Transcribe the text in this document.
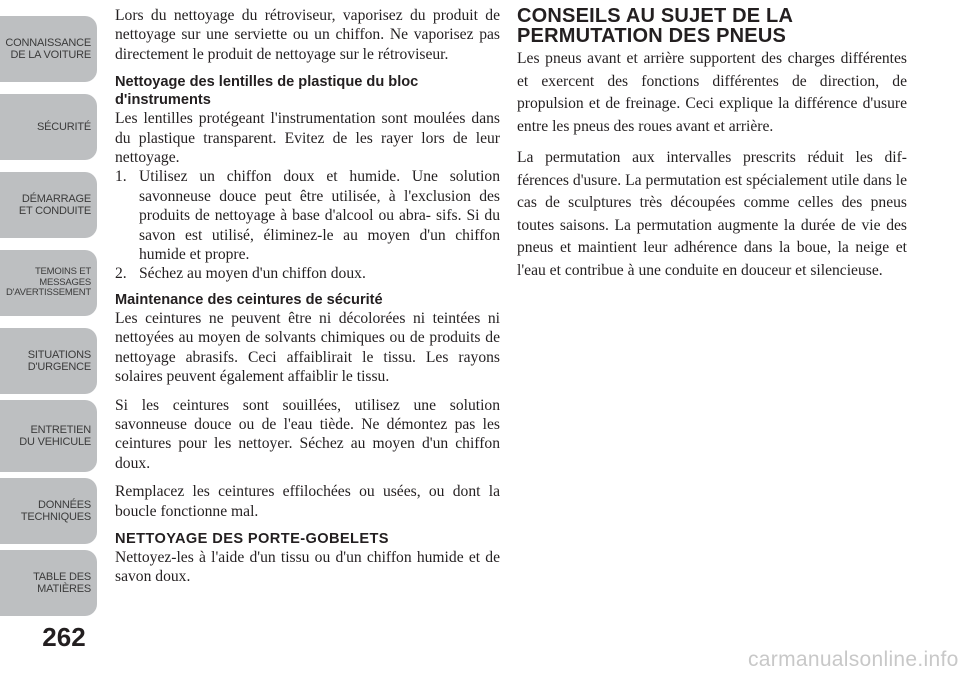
CONNAISSANCE
DE LA VOITURE
SÉCURITÉ
DÉMARRAGE
ET CONDUITE
TEMOINS ET
MESSAGES
D'AVERTISSEMENT
SITUATIONS
D'URGENCE
ENTRETIEN
DU VEHICULE
DONNÉES
TECHNIQUES
TABLE DES
MATIÈRES
262

Lors du nettoyage du rétroviseur, vaporisez du produit de nettoyage sur une serviette ou un chiffon. Ne vaporisez pas directement le produit de nettoyage sur le rétroviseur.

Nettoyage des lentilles de plastique du bloc d'instruments

Les lentilles protégeant l'instrumentation sont moulées dans du plastique transparent. Evitez de les rayer lors de leur nettoyage.

1. Utilisez un chiffon doux et humide. Une solution savonneuse douce peut être utilisée, à l'exclusion des produits de nettoyage à base d'alcool ou abra- sifs. Si du savon est utilisé, éliminez-le au moyen d'un chiffon humide et propre.
2. Séchez au moyen d'un chiffon doux.
Maintenance des ceintures de sécurité

Les ceintures ne peuvent être ni décolorées ni teintées ni nettoyées au moyen de solvants chimiques ou de produits de nettoyage abrasifs. Ceci affaiblirait le tissu. Les rayons solaires peuvent également affaiblir le tissu.

Si les ceintures sont souillées, utilisez une solution savonneuse douce ou de l'eau tiède. Ne démontez pas les ceintures pour les nettoyer. Séchez au moyen d'un chiffon doux.

Remplacez les ceintures effilochées ou usées, ou dont la boucle fonctionne mal.

NETTOYAGE DES PORTE-GOBELETS

Nettoyez-les à l'aide d'un tissu ou d'un chiffon humide et de savon doux.

CONSEILS AU SUJET DE LA
PERMUTATION DES PNEUS

Les pneus avant et arrière supportent des charges différentes et exercent des fonctions différentes de direction, de propulsion et de freinage. Ceci explique la différence d'usure entre les pneus des roues avant et arrière.

La permutation aux intervalles prescrits réduit les dif- férences d'usure. La permutation est spécialement utile dans le cas de sculptures très découpées comme celles des pneus toutes saisons. La permutation augmente la durée de vie des pneus et maintient leur adhérence dans la boue, la neige et l'eau et contribue à une conduite en douceur et silencieuse.

carmanualsonline.info
